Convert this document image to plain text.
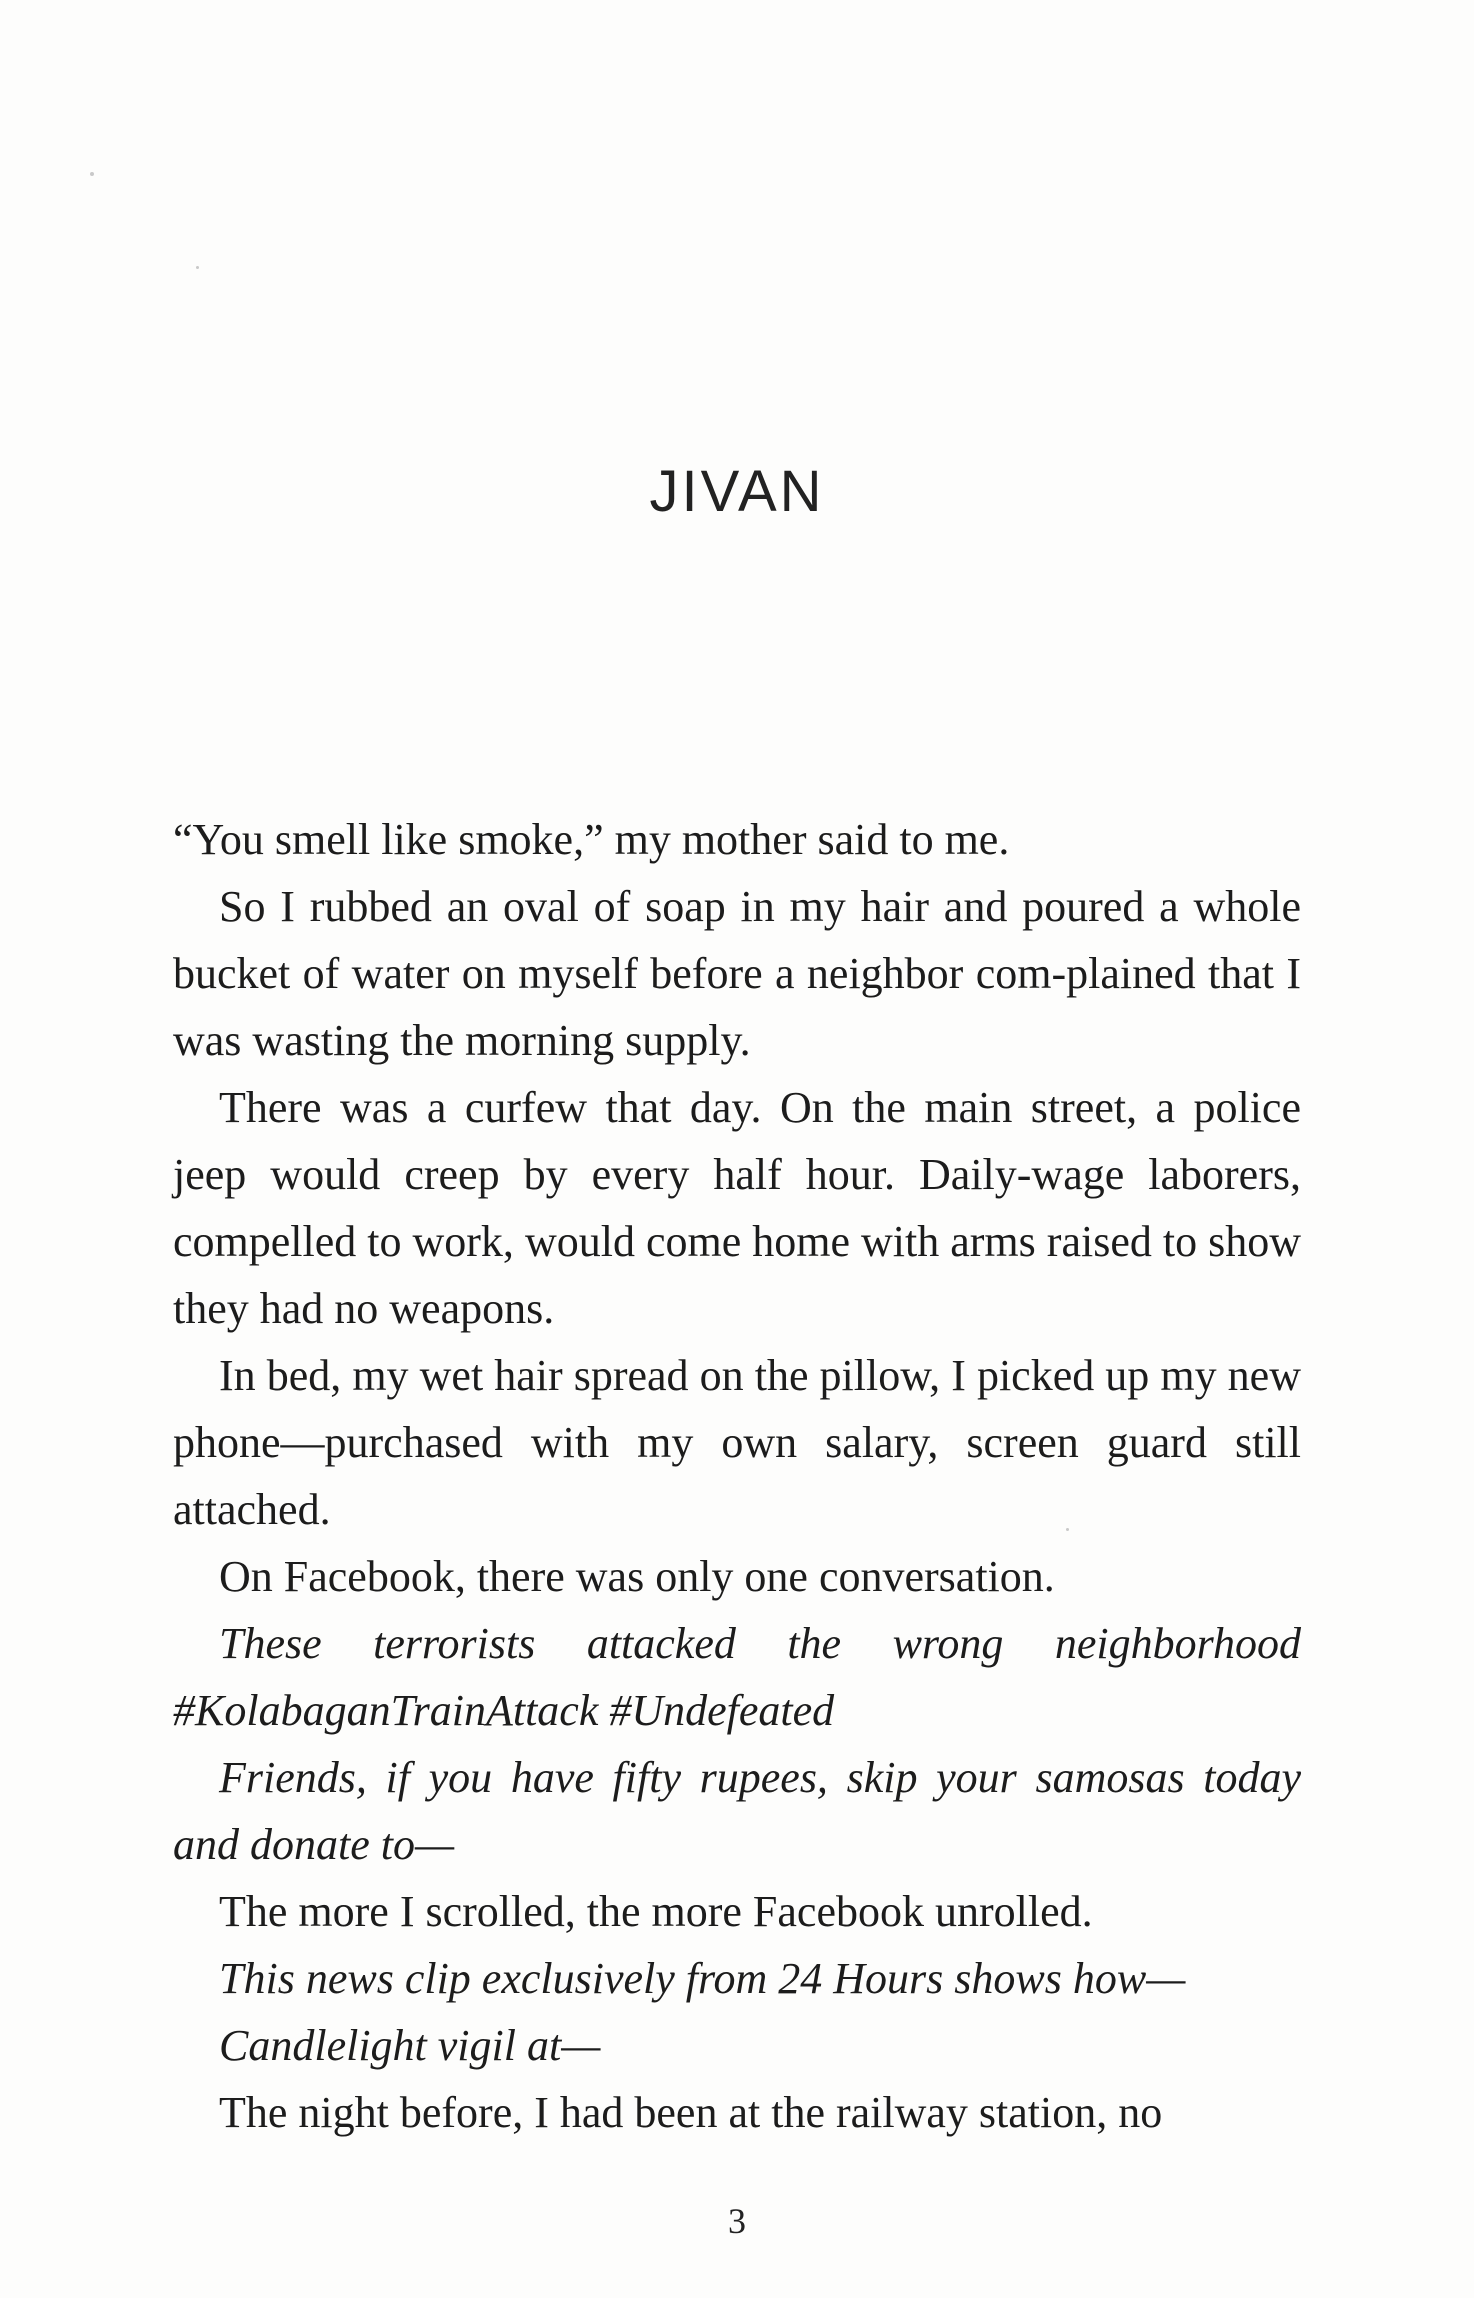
JIVAN

“You smell like smoke,” my mother said to me.

So I rubbed an oval of soap in my hair and poured a whole bucket of water on myself before a neighbor com-plained that I was wasting the morning supply.

There was a curfew that day. On the main street, a police jeep would creep by every half hour. Daily-wage laborers, compelled to work, would come home with arms raised to show they had no weapons.

In bed, my wet hair spread on the pillow, I picked up my new phone—purchased with my own salary, screen guard still attached.

On Facebook, there was only one conversation.

These terrorists attacked the wrong neighborhood #KolabaganTrainAttack #Undefeated

Friends, if you have fifty rupees, skip your samosas today and donate to—

The more I scrolled, the more Facebook unrolled.

This news clip exclusively from 24 Hours shows how—

Candlelight vigil at—

The night before, I had been at the railway station, no

3
